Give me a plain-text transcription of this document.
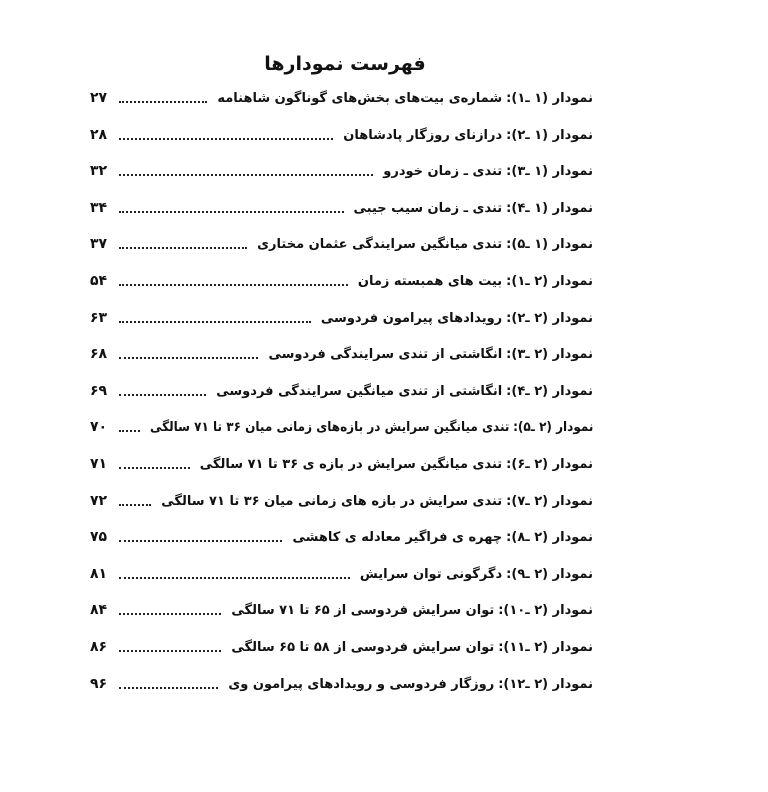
فهرست نمودارها
نمودار (۱ ـ۱):
شماره‌ی بیت‌های بخش‌های گوناگون شاهنامه
۲۷
نمودار (۱ ـ۲):
درازنای روزگار پادشاهان
۲۸
نمودار (۱ ـ۳):
تندی ـ زمان خودرو
۳۲
نمودار (۱ ـ۴):
تندی ـ زمان سیب جیبی
۳۴
نمودار (۱ ـ۵):
تندی میانگین سرایندگی عثمان مختاری
۳۷
نمودار (۲ ـ۱):
بیت های همبسته زمان
۵۴
نمودار (۲ ـ۲):
رویدادهای پیرامون فردوسی
۶۳
نمودار (۲ ـ۳):
انگاشتی از تندی سرایندگی فردوسی
۶۸
نمودار (۲ ـ۴):
انگاشتی از تندی میانگین سرایندگی فردوسی
۶۹
نمودار (۲ ـ۵):
تندی میانگین سرایش در بازه‌های زمانی میان ۳۶ تا ۷۱ سالگی
۷۰
نمودار (۲ ـ۶):
تندی میانگین سرایش در بازه ی ۳۶ تا ۷۱ سالگی
۷۱
نمودار (۲ ـ۷):
تندی سرایش در بازه های زمانی میان ۳۶ تا ۷۱ سالگی
۷۲
نمودار (۲ ـ۸):
چهره ی فراگیر معادله ی کاهشی
۷۵
نمودار (۲ ـ۹):
دگرگونی توان سرایش
۸۱
نمودار (۲ ـ۱۰):
توان سرایش فردوسی از ۶۵ تا ۷۱ سالگی
۸۴
نمودار (۲ ـ۱۱):
توان سرایش فردوسی از ۵۸ تا ۶۵ سالگی
۸۶
نمودار (۲ ـ۱۲):
روزگار فردوسی و رویدادهای پیرامون وی
۹۶
